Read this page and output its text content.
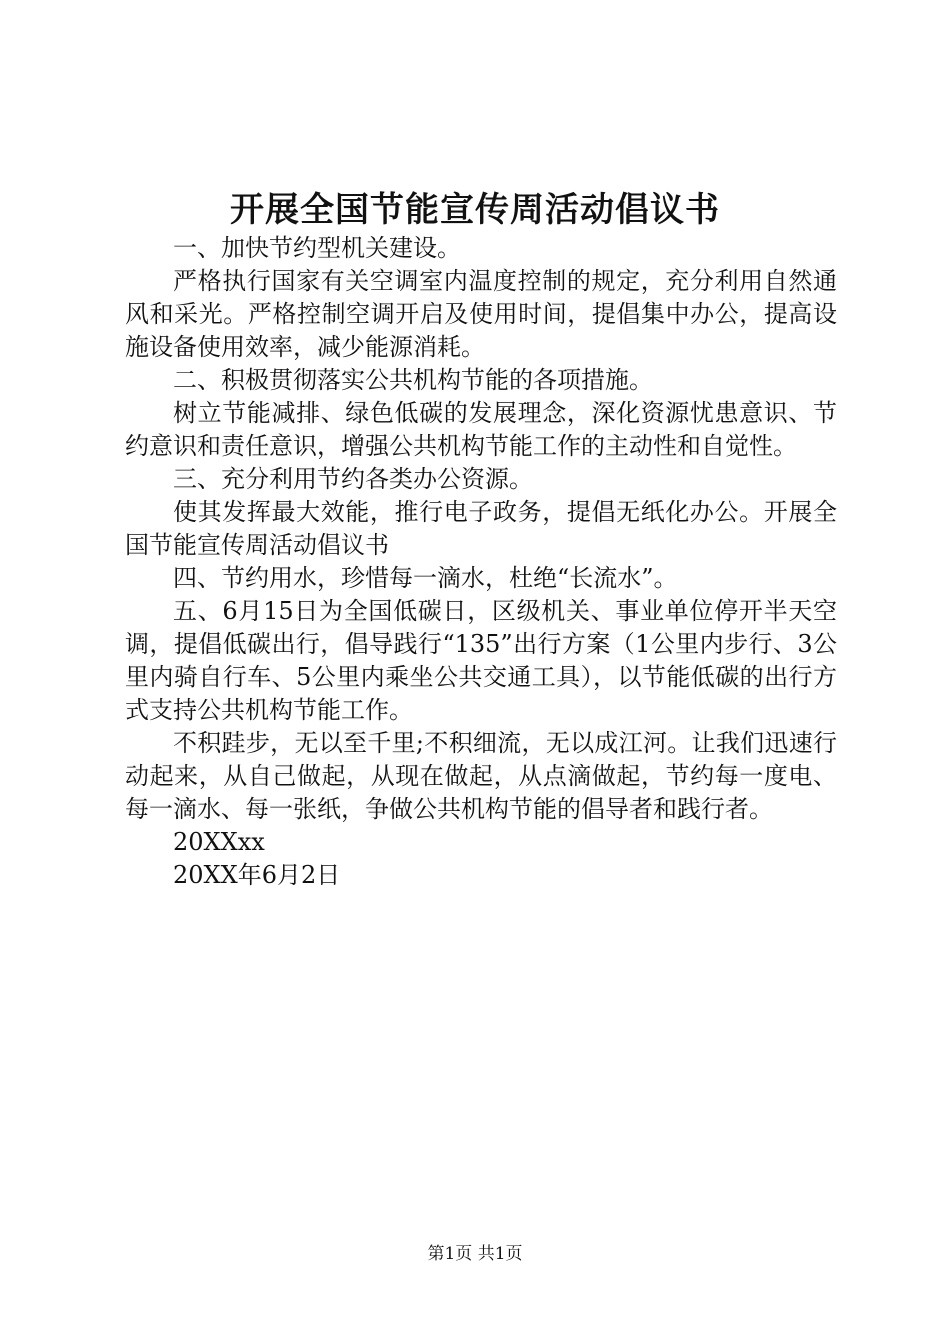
开展全国节能宣传周活动倡议书

一、加快节约型机关建设。

严格执行国家有关空调室内温度控制的规定，充分利用自然通风和采光。严格控制空调开启及使用时间，提倡集中办公，提高设施设备使用效率，减少能源消耗。

二、积极贯彻落实公共机构节能的各项措施。

树立节能减排、绿色低碳的发展理念，深化资源忧患意识、节约意识和责任意识，增强公共机构节能工作的主动性和自觉性。

三、充分利用节约各类办公资源。

使其发挥最大效能，推行电子政务，提倡无纸化办公。开展全国节能宣传周活动倡议书

四、节约用水，珍惜每一滴水，杜绝“长流水”。

五、6月15日为全国低碳日，区级机关、事业单位停开半天空调，提倡低碳出行，倡导践行“135”出行方案（1公里内步行、3公里内骑自行车、5公里内乘坐公共交通工具），以节能低碳的出行方式支持公共机构节能工作。

不积跬步，无以至千里;不积细流，无以成江河。让我们迅速行动起来，从自己做起，从现在做起，从点滴做起，节约每一度电、每一滴水、每一张纸，争做公共机构节能的倡导者和践行者。

20XXxx

20XX年6月2日

第1页 共1页
